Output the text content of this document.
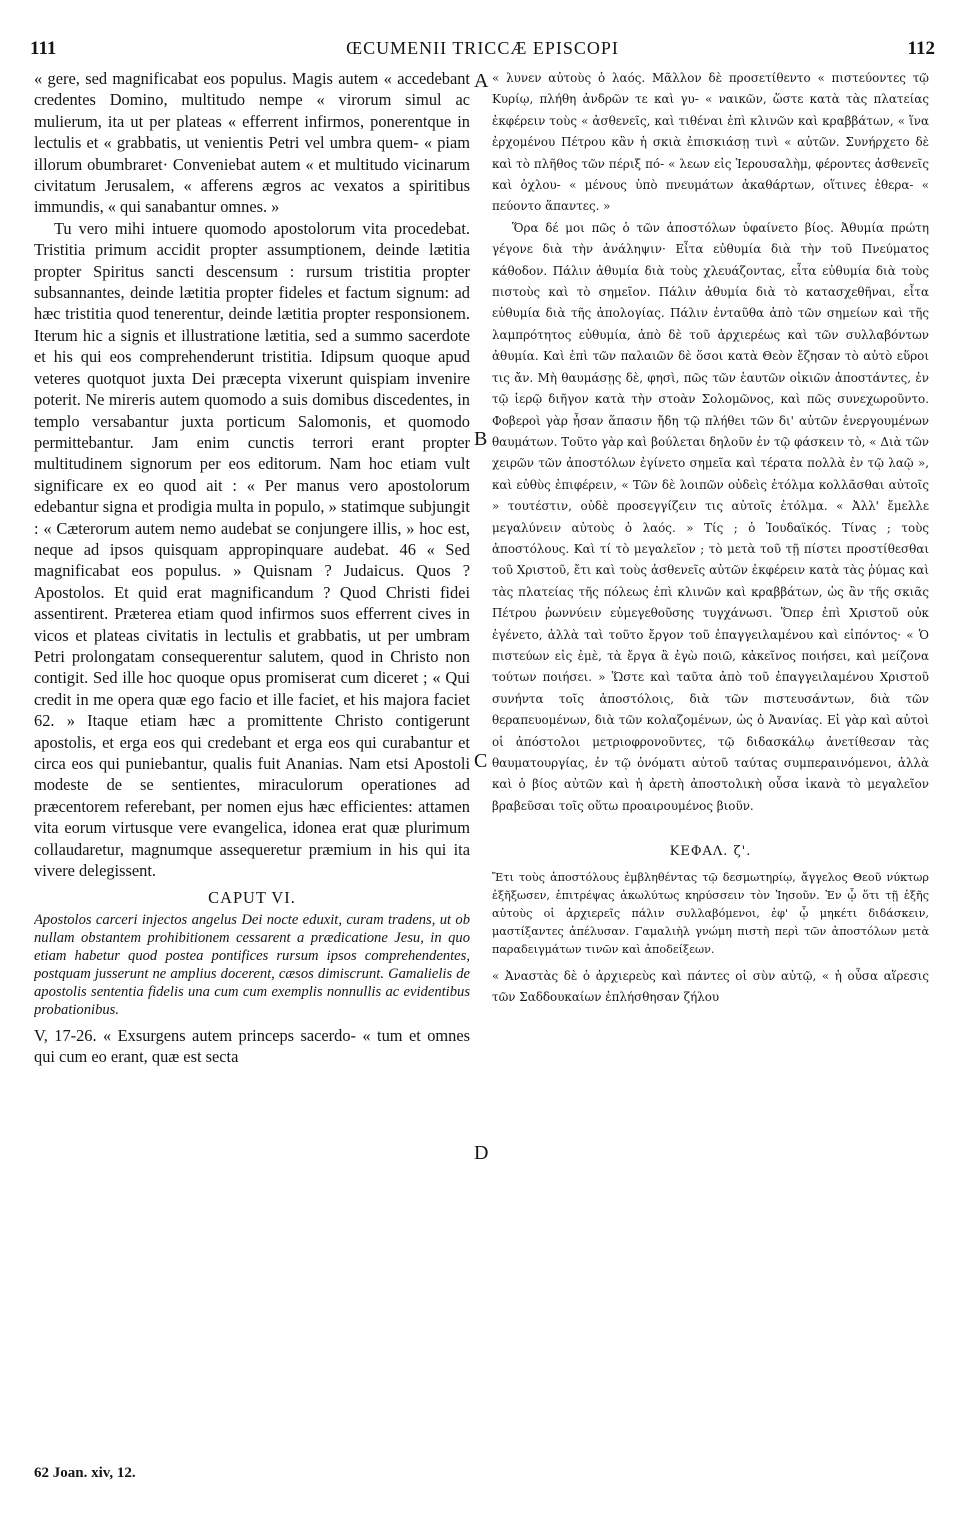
111	ŒCUMENII TRICCÆ EPISCOPI	112

« gere, sed magnificabat eos populus. Magis autem « accedebant credentes Domino, multitudo nempe « virorum simul ac mulierum, ita ut per plateas « efferrent infirmos, ponerentque in lectulis et « grabbatis, ut venientis Petri vel umbra quem- « piam illorum obumbraret· Conveniebat autem « et multitudo vicinarum civitatum Jerusalem, « afferens ægros ac vexatos a spiritibus immundis, « qui sanabantur omnes. »

Tu vero mihi intuere quomodo apostolorum vita procedebat. Tristitia primum accidit propter assumptionem, deinde lætitia propter Spiritus sancti descensum : rursum tristitia propter subsannantes, deinde lætitia propter fideles et factum signum: ad hæc tristitia quod tenerentur, deinde lætitia propter responsionem. Iterum hic a signis et illustratione lætitia, sed a summo sacerdote et his qui eos comprehenderunt tristitia. Idipsum quoque apud veteres quotquot juxta Dei præcepta vixerunt quispiam invenire poterit. Ne mireris autem quomodo a suis domibus discedentes, in templo versabantur juxta porticum Salomonis, et quomodo permittebantur. Jam enim cunctis terrori erant propter multitudinem signorum per eos editorum. Nam hoc etiam vult significare ex eo quod ait : « Per manus vero apostolorum edebantur signa et prodigia multa in populo, » statimque subjungit : « Cæterorum autem nemo audebat se conjungere illis, » hoc est, neque ad ipsos quisquam appropinquare audebat. 46 « Sed magnificabat eos populus. » Quisnam ? Judaicus. Quos ? Apostolos. Et quid erat magnificandum ? Quod Christi fidei assentirent. Præterea etiam quod infirmos suos efferrent cives in vicos et plateas civitatis in lectulis et grabbatis, ut per umbram Petri prolongatam consequerentur salutem, quod in Christo non contigit. Sed ille hoc quoque opus promiserat cum diceret ; « Qui credit in me opera quæ ego facio et ille faciet, et his majora faciet 62. » Itaque etiam hæc a promittente Christo contigerunt apostolis, et erga eos qui credebant et erga eos qui curabantur et circa eos qui puniebantur, qualis fuit Ananias. Nam etsi Apostoli modeste de se sentientes, miraculorum operationes ad præcentorem referebant, per nomen ejus hæc efficientes: attamen vita eorum virtusque vere evangelica, idonea erat quæ plurimum collaudaretur, magnumque assequeretur præmium in his qui ita vivere delegissent.

CAPUT VI.

Apostolos carceri injectos angelus Dei nocte eduxit, curam tradens, ut ob nullam obstantem prohibitionem cessarent a prædicatione Jesu, in quo etiam habetur quod postea pontifices rursum ipsos comprehendentes, postquam jusserunt ne amplius docerent, cæsos dimiscrunt. Gamalielis de apostolis sententia fidelis una cum cum exemplis nonnullis ac evidentibus probationibus.

V, 17-26. « Exsurgens autem princeps sacerdo- « tum et omnes qui cum eo erant, quæ est secta

A
B
C
D

« λυνεν αὐτοὺς ὁ λαός. Μᾶλλον δὲ προσετίθεντο « πιστεύοντες τῷ Κυρίῳ, πλήθη ἀνδρῶν τε καὶ γυ- « ναικῶν, ὥστε κατὰ τὰς πλατείας ἐκφέρειν τοὺς « ἀσθενεῖς, καὶ τιθέναι ἐπὶ κλινῶν καὶ κραββάτων, « ἵνα ἐρχομένου Πέτρου κἂν ἡ σκιὰ ἐπισκιάσῃ τινὶ « αὐτῶν. Συνήρχετο δὲ καὶ τὸ πλῆθος τῶν πέριξ πό- « λεων εἰς Ἱερουσαλὴμ, φέροντες ἀσθενεῖς καὶ ὀχλου- « μένους ὑπὸ πνευμάτων ἀκαθάρτων, οἵτινες ἐθερα- « πεύοντο ἅπαντες. »

Ὅρα δέ μοι πῶς ὁ τῶν ἀποστόλων ὑφαίνετο βίος. Ἀθυμία πρώτη γέγονε διὰ τὴν ἀνάληψιν· Εἶτα εὐθυμία διὰ τὴν τοῦ Πνεύματος κάθοδον. Πάλιν ἀθυμία διὰ τοὺς χλευάζοντας, εἶτα εὐθυμία διὰ τοὺς πιστοὺς καὶ τὸ σημεῖον. Πάλιν ἀθυμία διὰ τὸ κατασχεθῆναι, εἶτα εὐθυμία διὰ τῆς ἀπολογίας. Πάλιν ἐνταῦθα ἀπὸ τῶν σημείων καὶ τῆς λαμπρότητος εὐθυμία, ἀπὸ δὲ τοῦ ἀρχιερέως καὶ τῶν συλλαβόντων ἀθυμία. Καὶ ἐπὶ τῶν παλαιῶν δὲ ὅσοι κατὰ Θεὸν ἔζησαν τὸ αὐτὸ εὕροι τις ἄν. Μὴ θαυμάσῃς δὲ, φησὶ, πῶς τῶν ἑαυτῶν οἰκιῶν ἀποστάντες, ἐν τῷ ἱερῷ διῆγον κατὰ τὴν στοὰν Σολομῶνος, καὶ πῶς συνεχωροῦντο. Φοβεροὶ γὰρ ἦσαν ἅπασιν ἤδη τῷ πλήθει τῶν δι' αὐτῶν ἐνεργουμένων θαυμάτων. Τοῦτο γὰρ καὶ βούλεται δηλοῦν ἐν τῷ φάσκειν τὸ, « Διὰ τῶν χειρῶν τῶν ἀποστόλων ἐγίνετο σημεῖα καὶ τέρατα πολλὰ ἐν τῷ λαῷ », καὶ εὐθὺς ἐπιφέρειν, « Τῶν δὲ λοιπῶν οὐδεὶς ἐτόλμα κολλᾶσθαι αὐτοῖς » τουτέστιν, οὐδὲ προσεγγίζειν τις αὐτοῖς ἐτόλμα. « Ἀλλ' ἔμελλε μεγαλύνειν αὐτοὺς ὁ λαός. » Τίς ; ὁ Ἰουδαϊκός. Τίνας ; τοὺς ἀποστόλους. Καὶ τί τὸ μεγαλεῖον ; τὸ μετὰ τοῦ τῇ πίστει προστίθεσθαι τοῦ Χριστοῦ, ἔτι καὶ τοὺς ἀσθενεῖς αὐτῶν ἐκφέρειν κατὰ τὰς ῥύμας καὶ τὰς πλατείας τῆς πόλεως ἐπὶ κλινῶν καὶ κραββάτων, ὡς ἂν τῆς σκιᾶς Πέτρου ῥωννύειν εὐμεγεθοῦσης τυγχάνωσι. Ὅπερ ἐπὶ Χριστοῦ οὐκ ἐγένετο, ἀλλὰ ταὶ τοῦτο ἔργον τοῦ ἐπαγγειλαμένου καὶ εἰπόντος· « Ὁ πιστεύων εἰς ἐμὲ, τὰ ἔργα ἃ ἐγὼ ποιῶ, κἀκεῖνος ποιήσει, καὶ μείζονα τούτων ποιήσει. » Ὥστε καὶ ταῦτα ἀπὸ τοῦ ἐπαγγειλαμένου Χριστοῦ συνήντα τοῖς ἀποστόλοις, διὰ τῶν πιστευσάντων, διὰ τῶν θεραπευομένων, διὰ τῶν κολαζομένων, ὡς ὁ Ἀνανίας. Εἰ γὰρ καὶ αὐτοὶ οἱ ἀπόστολοι μετριοφρονοῦντες, τῷ διδασκάλῳ ἀνετίθεσαν τὰς θαυματουργίας, ἐν τῷ ὀνόματι αὐτοῦ ταύτας συμπεραινόμενοι, ἀλλὰ καὶ ὁ βίος αὐτῶν καὶ ἡ ἀρετὴ ἀποστολικὴ οὖσα ἱκανὰ τὸ μεγαλεῖον βραβεῦσαι τοῖς οὕτω προαιρουμένος βιοῦν.

ΚΕΦΑΛ. ζ'.

Ἔτι τοὺς ἀποστόλους ἐμβληθέντας τῷ δεσμωτηρίῳ, ἄγγελος Θεοῦ νύκτωρ ἐξῆξωσεν, ἐπιτρέψας ἀκωλύτως κηρύσσειν τὸν Ἰησοῦν. Ἐν ᾧ ὅτι τῇ ἑξῆς αὐτοὺς οἱ ἀρχιερεῖς πάλιν συλλαβόμενοι, ἐφ' ᾧ μηκέτι διδάσκειν, μαστίξαντες ἀπέλυσαν. Γαμαλιὴλ γνώμη πιστὴ περὶ τῶν ἀποστόλων μετὰ παραδειγμάτων τινῶν καὶ ἀποδείξεων.

« Ἀναστὰς δὲ ὁ ἀρχιερεὺς καὶ πάντες οἱ σὺν αὐτῷ, « ἡ οὖσα αἵρεσις τῶν Σαδδουκαίων ἐπλήσθησαν ζήλου

62 Joan. xiv, 12.
